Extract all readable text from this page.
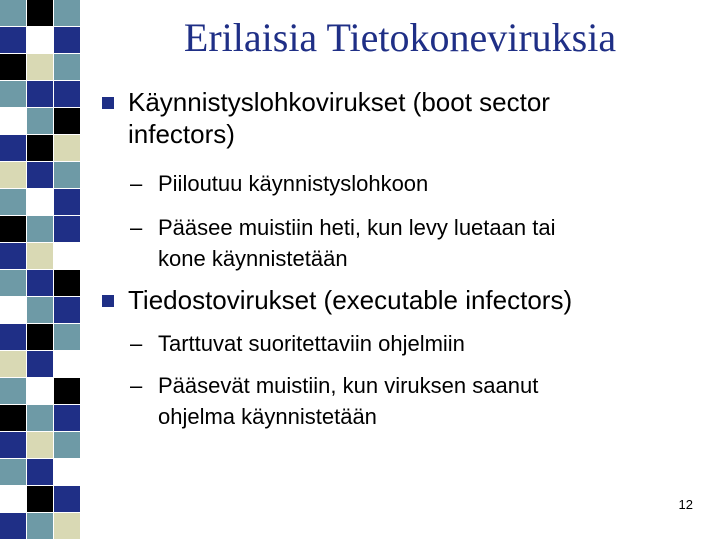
Erilaisia Tietokoneviruksia
Käynnistyslohkovirukset (boot sector
infectors)
– Piiloutuu käynnistyslohkoon
– Pääsee muistiin heti, kun levy luetaan tai
kone käynnistetään
Tiedostovirukset (executable infectors)
– Tarttuvat suoritettaviin ohjelmiin
– Pääsevät muistiin, kun viruksen saanut
ohjelma käynnistetään
12
